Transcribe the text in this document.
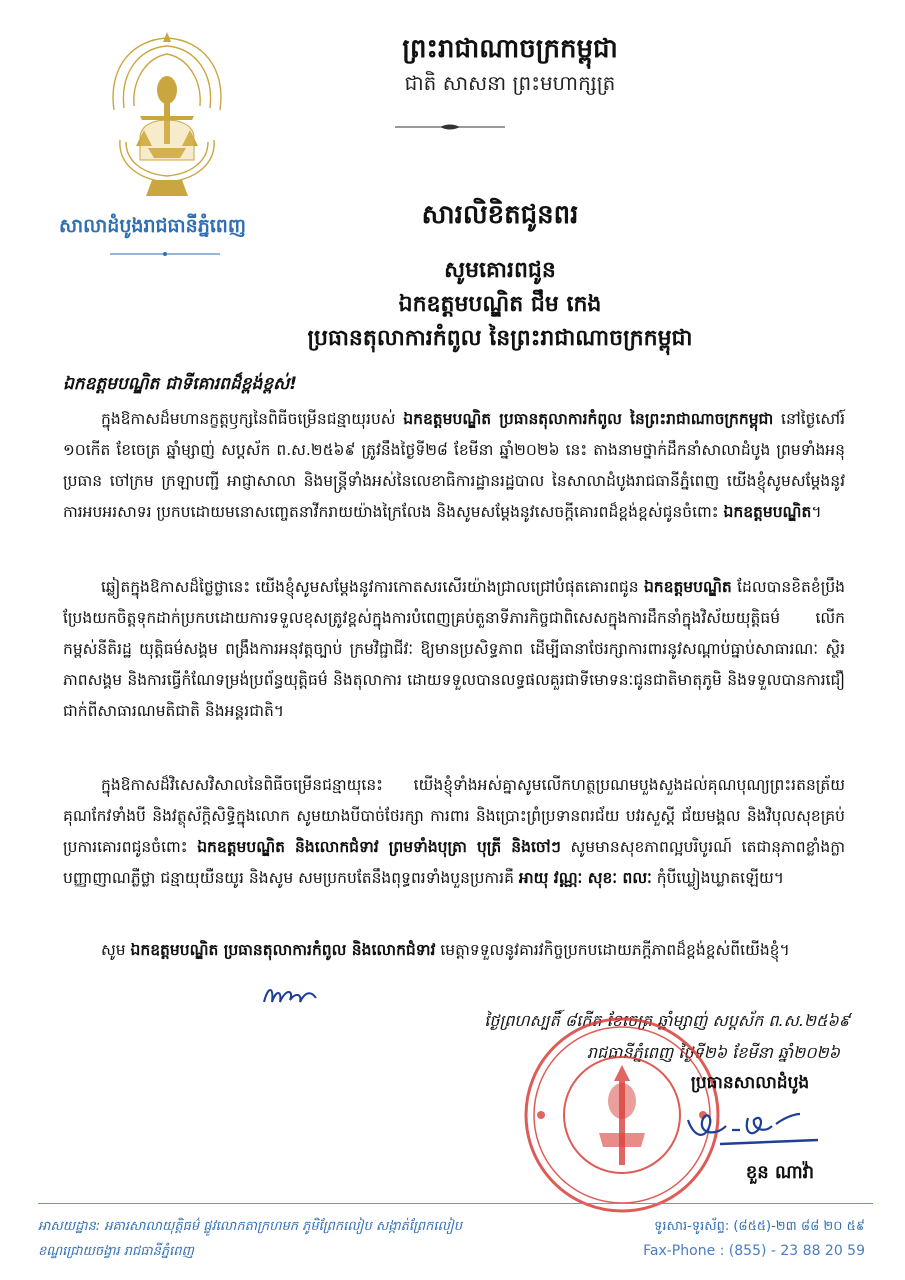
ព្រះរាជាណាចក្រកម្ពុជា
ជាតិ សាសនា ព្រះមហាក្សត្រ
សាលាដំបូងរាជធានីភ្នំពេញ	សារលិខិតជូនពរ
សូមគោរពជូន
ឯកឧត្តមបណ្ឌិត ជឹម កេង
ប្រធានតុលាការកំពូល នៃព្រះរាជាណាចក្រកម្ពុជា
ឯកឧត្តមបណ្ឌិត ជាទីគោរពដ៏ខ្ពង់ខ្ពស់!
ក្នុងឱកាសដ៏មហានក្ខត្តឫក្សនៃពិធីចម្រើនជន្មាយុរបស់ ឯកឧត្តមបណ្ឌិត ប្រធានតុលាការកំពូល នៃព្រះរាជាណាចក្រកម្ពុជា នៅថ្ងៃសៅរ៍ ១០កើត ខែចេត្រ ឆ្នាំម្សាញ់ សប្តស័ក ព.ស.២៥៦៩ ត្រូវនឹងថ្ងៃទី២៨ ខែមីនា ឆ្នាំ២០២៦ នេះ តាងនាមថ្នាក់ដឹកនាំសាលាដំបូង ព្រមទាំងអនុប្រធាន ចៅក្រម ក្រឡាបញ្ជី អាជ្ញាសាលា និងមន្ត្រីទាំងអស់នៃលេខាធិការដ្ឋានរដ្ឋបាល នៃសាលាដំបូងរាជធានីភ្នំពេញ យើងខ្ញុំសូមសម្តែងនូវការអបអរសាទរ ប្រកបដោយមនោសញ្ចេតនាវីករាយយ៉ាងក្រៃលែង និងសូមសម្តែងនូវសេចក្តីគោរពដ៏ខ្ពង់ខ្ពស់ជូនចំពោះ ឯកឧត្តមបណ្ឌិត។
ឆ្លៀតក្នុងឱកាសដ៏ថ្លៃថ្លានេះ យើងខ្ញុំសូមសម្តែងនូវការកោតសរសើរយ៉ាងជ្រាលជ្រៅបំផុតគោរពជូន ឯកឧត្តមបណ្ឌិត ដែលបានខិតខំប្រឹងប្រែងយកចិត្តទុកដាក់ប្រកបដោយការទទួលខុសត្រូវខ្ពស់ក្នុងការបំពេញគ្រប់តួនាទីភារកិច្ចជាពិសេសក្នុងការដឹកនាំក្នុងវិស័យយុត្តិធម៌ លើកកម្ពស់នីតិរដ្ឋ យុត្តិធម៌សង្គម ពង្រឹងការអនុវត្តច្បាប់ ក្រមវិជ្ជាជីវៈ ឱ្យមានប្រសិទ្ធភាព ដើម្បីធានាថែរក្សាការពារនូវសណ្តាប់ធ្នាប់សាធារណៈ ស្ថិរភាពសង្គម និងការធ្វើកំណែទម្រង់ប្រព័ន្ធយុត្តិធម៌ និងតុលាការ ដោយទទួលបានលទ្ធផលគួរជាទីមោទនៈជូនជាតិមាតុភូមិ និងទទួលបានការជឿជាក់ពីសាធារណមតិជាតិ និងអន្តរជាតិ។
ក្នុងឱកាសដ៏វិសេសវិសាលនៃពិធីចម្រើនជន្មាយុនេះ យើងខ្ញុំទាំងអស់គ្នាសូមលើកហត្ថប្រណមបួងសួងដល់គុណបុណ្យព្រះរតនត្រ័យ គុណកែវទាំងបី និងវត្ថុស័ក្តិសិទ្ធិក្នុងលោក សូមយាងបីបាច់ថែរក្សា ការពារ និងប្រោះព្រំប្រទានពរជ័យ បវរសួស្តី ជ័យមង្គល និងវិបុលសុខគ្រប់ប្រការគោរពជូនចំពោះ ឯកឧត្តមបណ្ឌិត និងលោកជំទាវ ព្រមទាំងបុត្រា បុត្រី និងចៅៗ សូមមានសុខភាពល្អបរិបូរណ៍ តេជានុភាពខ្លាំងក្លា បញ្ញាញាណភ្លឺថ្លា ជន្មាយុយឺនយូរ និងសូម សមប្រកបតែនឹងពុទ្ធពរទាំងបួនប្រការគឺ អាយុ វណ្ណៈ សុខៈ ពលៈ កុំបីឃ្លៀងឃ្លាតឡើយ។
សូម ឯកឧត្តមបណ្ឌិត ប្រធានតុលាការកំពូល និងលោកជំទាវ មេត្តាទទួលនូវគារវកិច្ចប្រកបដោយភក្តីភាពដ៏ខ្ពង់ខ្ពស់ពីយើងខ្ញុំ។
ថ្ងៃព្រហស្បតិ៍ ៨កើត ខែចេត្រ ឆ្នាំម្សាញ់ សប្តស័ក ព.ស.២៥៦៩
រាជធានីភ្នំពេញ ថ្ងៃទី២៦ ខែមីនា ឆ្នាំ២០២៦
ប្រធានសាលាដំបូង
ខួន ណាវ៉ា
អាសយដ្ឋាន: អគារសាលាយុត្តិធម៌ ផ្លូវលោកតាក្រហមក ភូមិព្រែកលៀប សង្កាត់ព្រែកលៀប
ខណ្ឌជ្រោយចង្វារ រាជធានីភ្នំពេញ
ទូរសារ-ទូរស័ព្ទ: (៨៥៥)-២៣ ៨៨ ២០ ៥៩
Fax-Phone : (855) - 23 88 20 59
